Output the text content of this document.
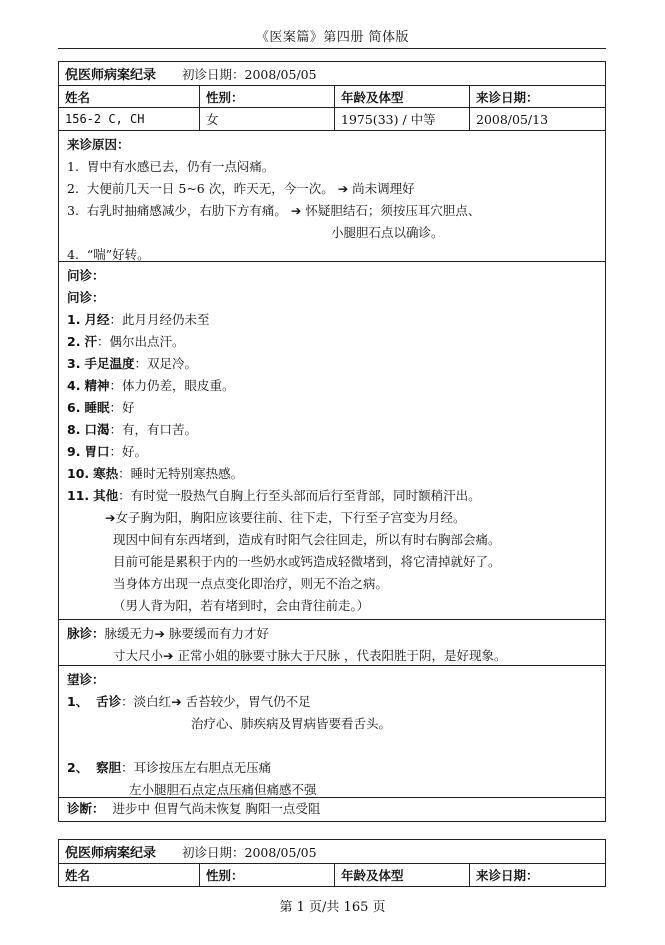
《医案篇》第四册 简体版
倪医师病案纪录 初诊日期：2008/05/05
姓名	性别：	年龄及体型	来诊日期：
156-2 C, CH	女	1975(33) / 中等	2008/05/13
来诊原因：
1. 胃中有水感已去，仍有一点闷痛。
2. 大便前几天一日 5~6 次，昨天无，今一次。 ➔ 尚未调理好
3. 右乳时抽痛感减少，右肋下方有痛。 ➔ 怀疑胆结石；须按压耳穴胆点、
小腿胆石点以确诊。
4. “喘”好转。
问诊：
问诊：
1. 月经：此月月经仍未至
2. 汗：偶尔出点汗。
3. 手足温度：双足冷。
4. 精神：体力仍差，眼皮重。
6. 睡眠：好
8. 口渴：有，有口苦。
9. 胃口：好。
10. 寒热：睡时无特别寒热感。
11. 其他：有时觉一股热气自胸上行至头部而后行至背部，同时额稍汗出。
➔女子胸为阳，胸阳应该要往前、往下走，下行至子宫变为月经。
现因中间有东西堵到，造成有时阳气会往回走，所以有时右胸部会痛。
目前可能是累积于内的一些奶水或钙造成轻微堵到，将它清掉就好了。
当身体方出现一点点变化即治疗，则无不治之病。
（男人背为阳，若有堵到时，会由背往前走。）
脉诊：脉缓无力➔ 脉要缓而有力才好
寸大尺小➔ 正常小姐的脉要寸脉大于尺脉 ，代表阳胜于阴，是好现象。
望诊：
1、 舌诊：淡白红➔ 舌苔较少，胃气仍不足
治疗心、肺疾病及胃病皆要看舌头。
2、 察胆：耳诊按压左右胆点无压痛
左小腿胆石点定点压痛但痛感不强
诊断： 进步中 但胃气尚未恢复 胸阳一点受阻
倪医师病案纪录 初诊日期：2008/05/05
姓名	性别：	年龄及体型	来诊日期：
第 1 页/共 165 页
